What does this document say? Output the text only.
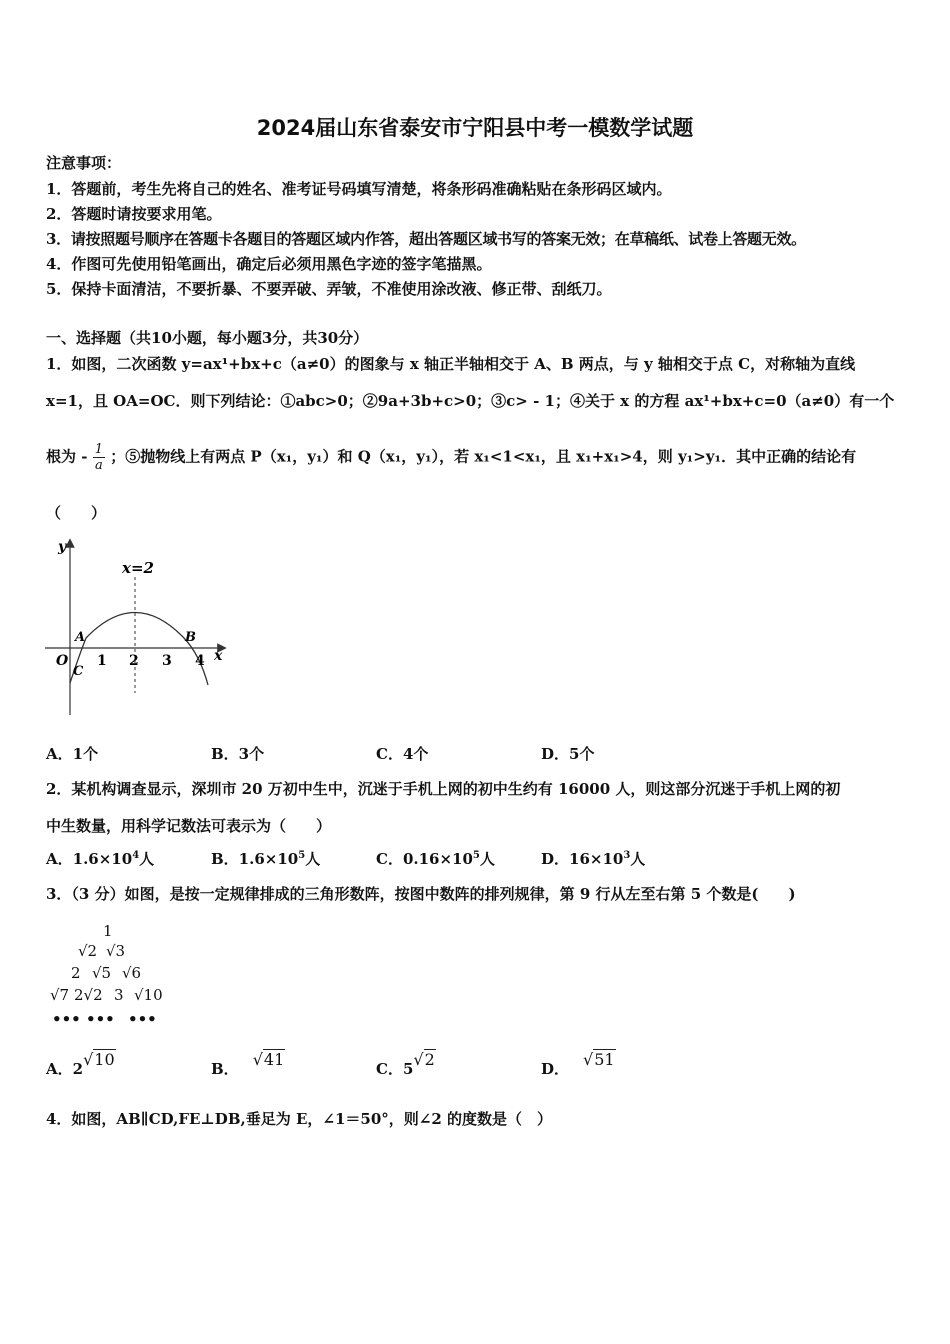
2024届山东省泰安市宁阳县中考一模数学试题
注意事项：
1．答题前，考生先将自己的姓名、准考证号码填写清楚，将条形码准确粘贴在条形码区域内。
2．答题时请按要求用笔。
3．请按照题号顺序在答题卡各题目的答题区域内作答，超出答题区域书写的答案无效；在草稿纸、试卷上答题无效。
4．作图可先使用铅笔画出，确定后必须用黑色字迹的签字笔描黑。
5．保持卡面清洁，不要折暴、不要弄破、弄皱，不准使用涂改液、修正带、刮纸刀。
一、选择题（共10小题，每小题3分，共30分）
1．如图，二次函数 y=ax¹+bx+c（a≠0）的图象与 x 轴正半轴相交于 A、B 两点，与 y 轴相交于点 C，对称轴为直线
x=1，且 OA=OC．则下列结论：①abc>0；②9a+3b+c>0；③c> ‑ 1；④关于 x 的方程 ax¹+bx+c=0（a≠0）有一个
根为 ‑ $\frac{1}{a}$ ；⑤抛物线上有两点 P（x₁，y₁）和 Q（x₁，y₁），若 x₁<1<x₁，且 x₁+x₁>4，则 y₁>y₁．其中正确的结论有
（　　）
y
x
x=2
O
A	B
C
1 2 3 4
A．1个	B．3个	C．4个	D．5个
2．某机构调查显示，深圳市 20 万初中生中，沉迷于手机上网的初中生约有 16000 人，则这部分沉迷于手机上网的初
中生数量，用科学记数法可表示为（　　）
A．$1.6\times 10^4$人	B．$1.6\times 10^5$人	C．$0.16\times 10^5$人	D．$16\times 10^3$人
3．（3 分）如图，是按一定规律排成的三角形数阵，按图中数阵的排列规律，第 9 行从左至右第 5 个数是(　　)
1
√2 √3
2 √5 √6
√7 2√2 3 √10
••• ••• •••
A．2√10	B． √41	C．5√2	D． √51
4．如图，AB∥CD,FE⊥DB,垂足为 E，∠1＝50°，则∠2 的度数是（　）
